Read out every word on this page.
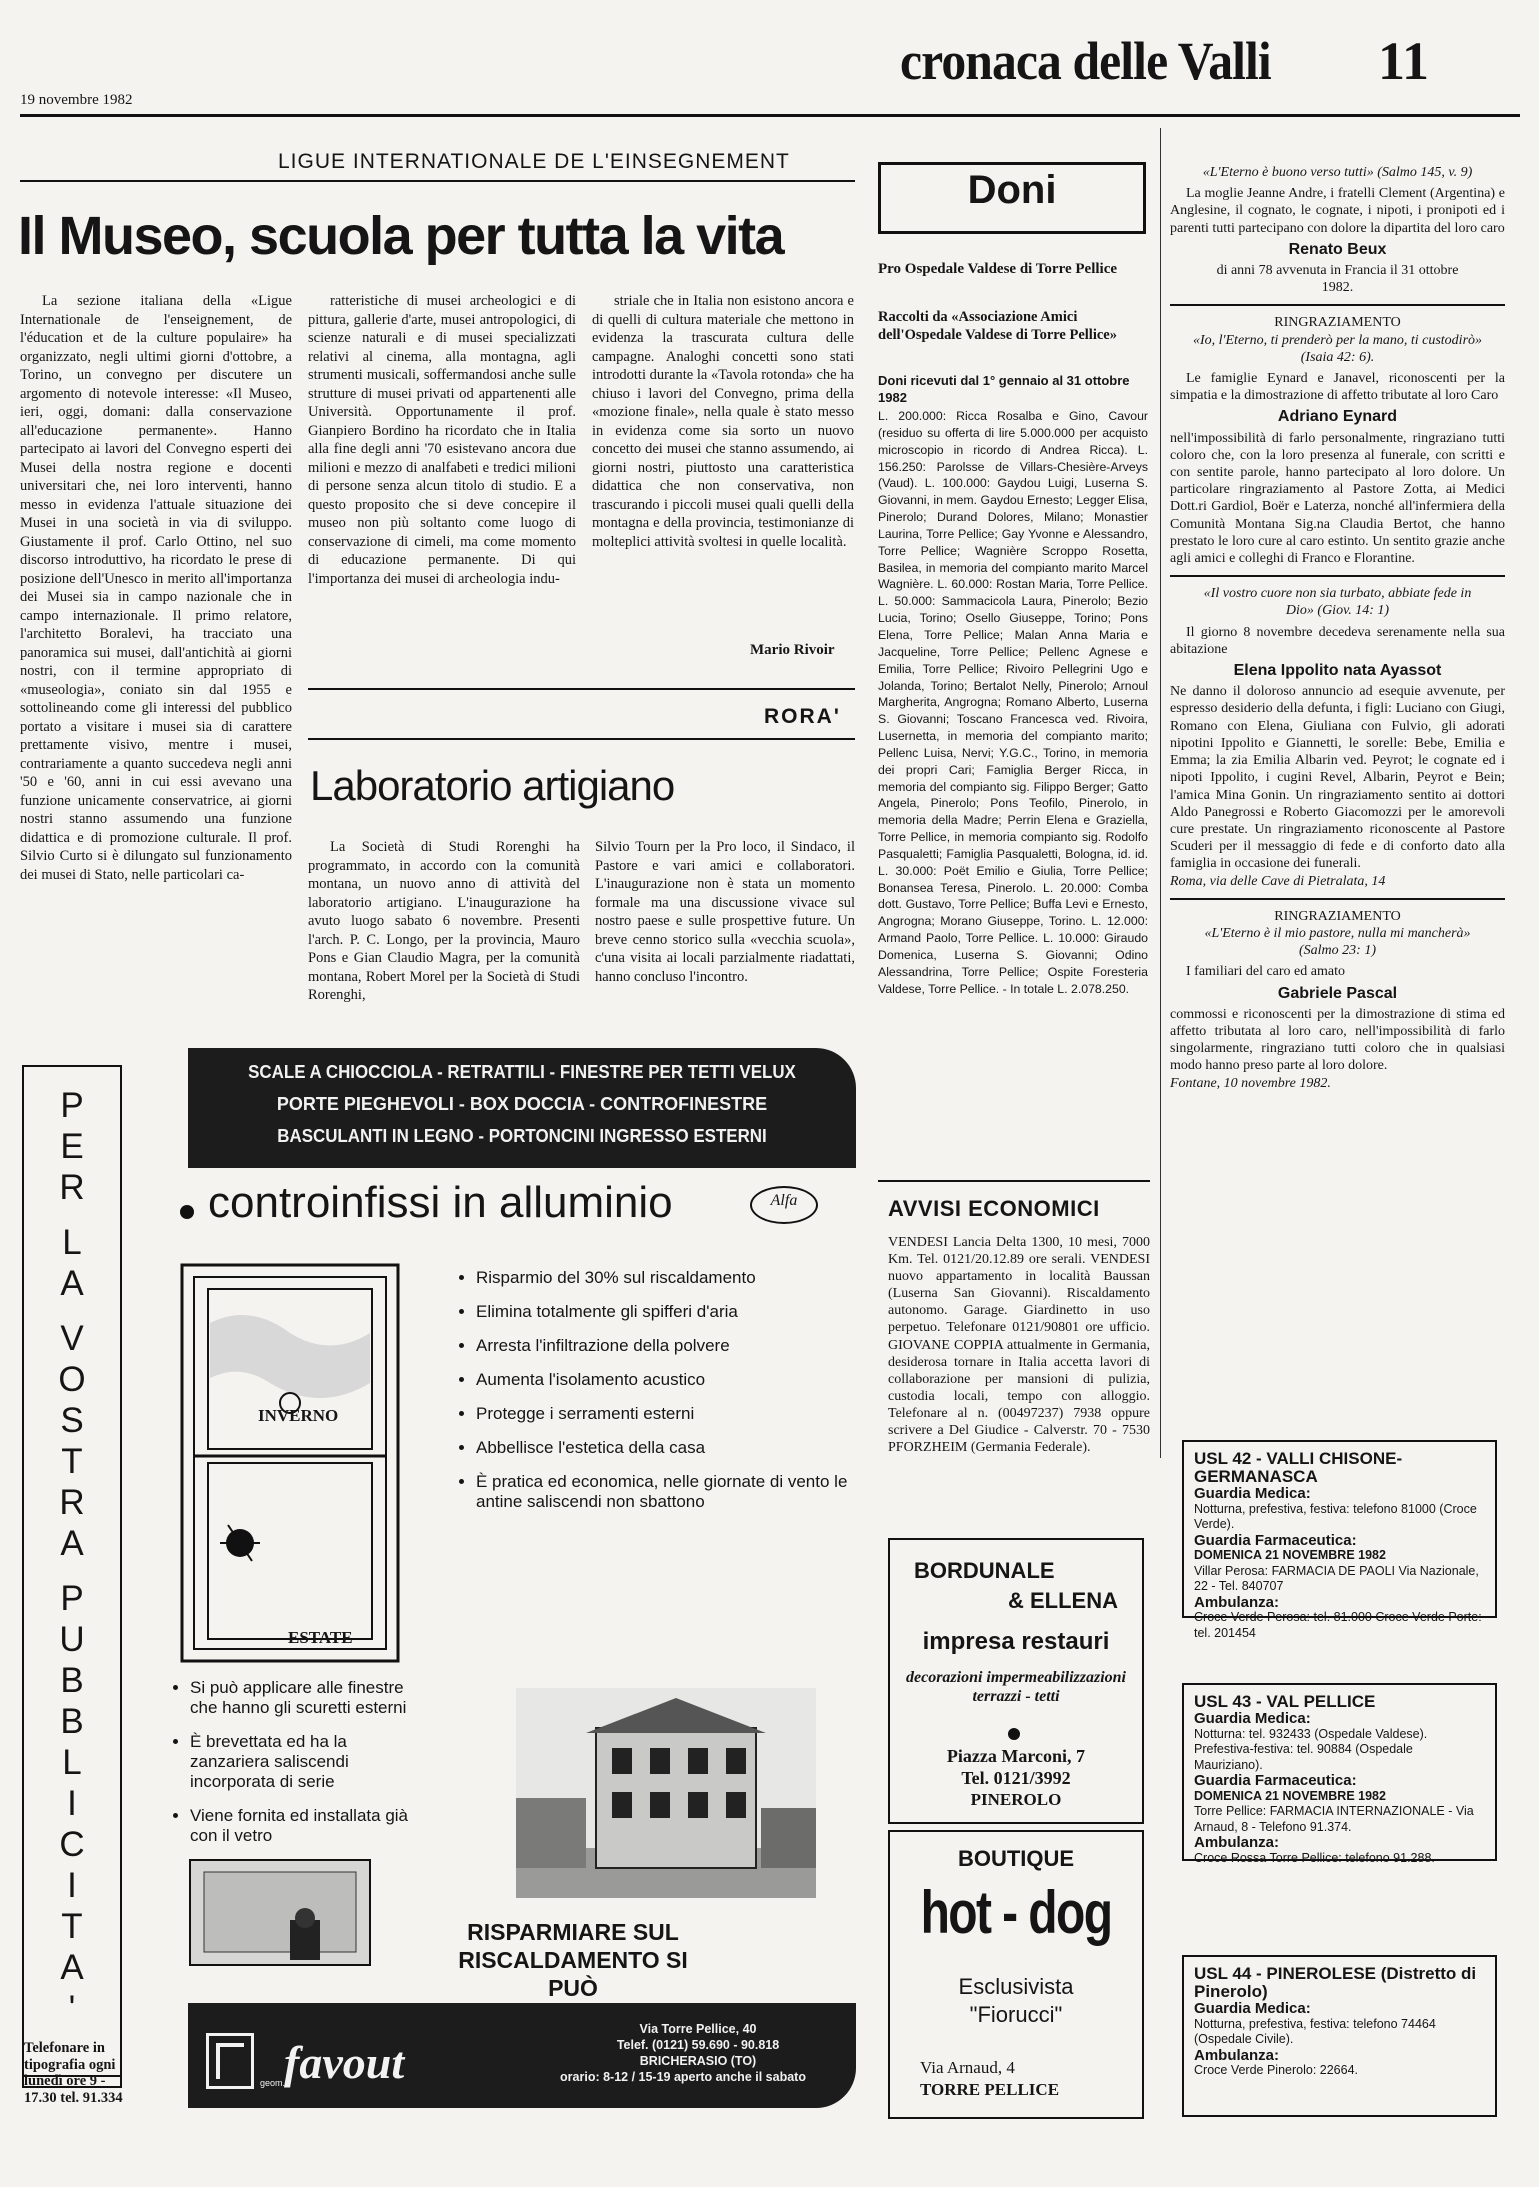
19 novembre 1982
cronaca delle Valli 11
LIGUE INTERNATIONALE DE L'EINSEGNEMENT
Il Museo, scuola per tutta la vita

La sezione italiana della «Ligue Internationale de l'enseignement, de l'éducation et de la culture populaire» ha organizzato, negli ultimi giorni d'ottobre, a Torino, un convegno per discutere un argomento di notevole interesse: «Il Museo, ieri, oggi, domani: dalla conservazione all'educazione permanente». Hanno partecipato ai lavori del Convegno esperti dei Musei della nostra regione e docenti universitari che, nei loro interventi, hanno messo in evidenza l'attuale situazione dei Musei in una società in via di sviluppo. Giustamente il prof. Carlo Ottino, nel suo discorso introduttivo, ha ricordato le prese di posizione dell'Unesco in merito all'importanza dei Musei sia in campo nazionale che in campo internazionale. Il primo relatore, l'architetto Boralevi, ha tracciato una panoramica sui musei, dall'antichità ai giorni nostri, con il termine appropriato di «museologia», coniato sin dal 1955 e sottolineando come gli interessi del pubblico portato a visitare i musei sia di carattere prettamente visivo, mentre i musei, contrariamente a quanto succedeva negli anni '50 e '60, anni in cui essi avevano una funzione unicamente conservatrice, ai giorni nostri stanno assumendo una funzione didattica e di promozione culturale. Il prof. Silvio Curto si è dilungato sul funzionamento dei musei di Stato, nelle particolari ca-

ratteristiche di musei archeologici e di pittura, gallerie d'arte, musei antropologici, di scienze naturali e di musei specializzati relativi al cinema, alla montagna, agli strumenti musicali, soffermandosi anche sulle strutture di musei privati od appartenenti alle Università. Opportunamente il prof. Gianpiero Bordino ha ricordato che in Italia alla fine degli anni '70 esistevano ancora due milioni e mezzo di analfabeti e tredici milioni di persone senza alcun titolo di studio. E a questo proposito che si deve concepire il museo non più soltanto come luogo di conservazione di cimeli, ma come momento di educazione permanente. Di qui l'importanza dei musei di archeologia indu-

striale che in Italia non esistono ancora e di quelli di cultura materiale che mettono in evidenza la trascurata cultura delle campagne. Analoghi concetti sono stati introdotti durante la «Tavola rotonda» che ha chiuso i lavori del Convegno, prima della «mozione finale», nella quale è stato messo in evidenza come sia sorto un nuovo concetto dei musei che stanno assumendo, ai giorni nostri, piuttosto una caratteristica didattica che non conservativa, non trascurando i piccoli musei quali quelli della montagna e della provincia, testimonianze di molteplici attività svoltesi in quelle località.

Mario Rivoir
RORA'
Laboratorio artigiano

La Società di Studi Rorenghi ha programmato, in accordo con la comunità montana, un nuovo anno di attività del laboratorio artigiano. L'inaugurazione ha avuto luogo sabato 6 novembre. Presenti l'arch. P. C. Longo, per la provincia, Mauro Pons e Gian Claudio Magra, per la comunità montana, Robert Morel per la Società di Studi Rorenghi,

Silvio Tourn per la Pro loco, il Sindaco, il Pastore e vari amici e collaboratori. L'inaugurazione non è stata un momento formale ma una discussione vivace sul nostro paese e sulle prospettive future. Un breve cenno storico sulla «vecchia scuola», c'una visita ai locali parzialmente riadattati, hanno concluso l'incontro.

Doni
Pro Ospedale Valdese di Torre Pellice
Raccolti da «Associazione Amici dell'Ospedale Valdese di Torre Pellice»
Doni ricevuti dal 1° gennaio al 31 ottobre 1982
L. 200.000: Ricca Rosalba e Gino, Cavour (residuo su offerta di lire 5.000.000 per acquisto microscopio in ricordo di Andrea Ricca). L. 156.250: Parolsse de Villars-Chesière-Arveys (Vaud). L. 100.000: Gaydou Luigi, Luserna S. Giovanni, in mem. Gaydou Ernesto; Legger Elisa, Pinerolo; Durand Dolores, Milano; Monastier Laurina, Torre Pellice; Gay Yvonne e Alessandro, Torre Pellice; Wagnière Scroppo Rosetta, Basilea, in memoria del compianto marito Marcel Wagnière. L. 60.000: Rostan Maria, Torre Pellice. L. 50.000: Sammacicola Laura, Pinerolo; Bezio Lucia, Torino; Osello Giuseppe, Torino; Pons Elena, Torre Pellice; Malan Anna Maria e Jacqueline, Torre Pellice; Pellenc Agnese e Emilia, Torre Pellice; Rivoiro Pellegrini Ugo e Jolanda, Torino; Bertalot Nelly, Pinerolo; Arnoul Margherita, Angrogna; Romano Alberto, Luserna S. Giovanni; Toscano Francesca ved. Rivoira, Lusernetta, in memoria del compianto marito; Pellenc Luisa, Nervi; Y.G.C., Torino, in memoria dei propri Cari; Famiglia Berger Ricca, in memoria del compianto sig. Filippo Berger; Gatto Angela, Pinerolo; Pons Teofilo, Pinerolo, in memoria della Madre; Perrin Elena e Graziella, Torre Pellice, in memoria compianto sig. Rodolfo Pasqualetti; Famiglia Pasqualetti, Bologna, id. id. L. 30.000: Poët Emilio e Giulia, Torre Pellice; Bonansea Teresa, Pinerolo. L. 20.000: Comba dott. Gustavo, Torre Pellice; Buffa Levi e Ernesto, Angrogna; Morano Giuseppe, Torino. L. 12.000: Armand Paolo, Torre Pellice. L. 10.000: Giraudo Domenica, Luserna S. Giovanni; Odino Alessandrina, Torre Pellice; Ospite Foresteria Valdese, Torre Pellice. - In totale L. 2.078.250.
AVVISI ECONOMICI
VENDESI Lancia Delta 1300, 10 mesi, 7000 Km. Tel. 0121/20.12.89 ore serali. VENDESI nuovo appartamento in località Baussan (Luserna San Giovanni). Riscaldamento autonomo. Garage. Giardinetto in uso perpetuo. Telefonare 0121/90801 ore ufficio. GIOVANE COPPIA attualmente in Germania, desiderosa tornare in Italia accetta lavori di collaborazione per mansioni di pulizia, custodia locali, tempo con alloggio. Telefonare al n. (00497237) 7938 oppure scrivere a Del Giudice - Calverstr. 70 - 7530 PFORZHEIM (Germania Federale).
BORDUNALE
& ELLENA
impresa restauri
decorazioni impermeabilizzazioni terrazzi - tetti
Piazza Marconi, 7
Tel. 0121/3992
PINEROLO
BOUTIQUE
hot - dog
Esclusivista
"Fiorucci"
Via Arnaud, 4
TORRE PELLICE
«L'Eterno è buono verso tutti» (Salmo 145, v. 9)
La moglie Jeanne Andre, i fratelli Clement (Argentina) e Anglesine, il cognato, le cognate, i nipoti, i pronipoti ed i parenti tutti partecipano con dolore la dipartita del loro caro
Renato Beux
di anni 78 avvenuta in Francia il 31 ottobre 1982.
RINGRAZIAMENTO
«Io, l'Eterno, ti prenderò per la mano, ti custodirò» (Isaia 42: 6).
Le famiglie Eynard e Janavel, riconoscenti per la simpatia e la dimostrazione di affetto tributate al loro Caro
Adriano Eynard
nell'impossibilità di farlo personalmente, ringraziano tutti coloro che, con la loro presenza al funerale, con scritti e con sentite parole, hanno partecipato al loro dolore. Un particolare ringraziamento al Pastore Zotta, ai Medici Dott.ri Gardiol, Boër e Laterza, nonché all'infermiera della Comunità Montana Sig.na Claudia Bertot, che hanno prestato le loro cure al caro estinto. Un sentito grazie anche agli amici e colleghi di Franco e Florantine.
«Il vostro cuore non sia turbato, abbiate fede in Dio» (Giov. 14: 1)
Il giorno 8 novembre decedeva serenamente nella sua abitazione
Elena Ippolito nata Ayassot
Ne danno il doloroso annuncio ad esequie avvenute, per espresso desiderio della defunta, i figli: Luciano con Giugi, Romano con Elena, Giuliana con Fulvio, gli adorati nipotini Ippolito e Giannetti, le sorelle: Bebe, Emilia e Emma; la zia Emilia Albarin ved. Peyrot; le cognate ed i nipoti Ippolito, i cugini Revel, Albarin, Peyrot e Bein; l'amica Mina Gonin. Un ringraziamento sentito ai dottori Aldo Panegrossi e Roberto Giacomozzi per le amorevoli cure prestate. Un ringraziamento riconoscente al Pastore Scuderi per il messaggio di fede e di conforto dato alla famiglia in occasione dei funerali.
Roma, via delle Cave di Pietralata, 14
RINGRAZIAMENTO
«L'Eterno è il mio pastore, nulla mi mancherà» (Salmo 23: 1)
I familiari del caro ed amato
Gabriele Pascal
commossi e riconoscenti per la dimostrazione di stima ed affetto tributata al loro caro, nell'impossibilità di farlo singolarmente, ringraziano tutti coloro che in qualsiasi modo hanno preso parte al loro dolore.
Fontane, 10 novembre 1982.
USL 42 - VALLI CHISONE-GERMANASCA
Guardia Medica:
Notturna, prefestiva, festiva: telefono 81000 (Croce Verde).
Guardia Farmaceutica:
DOMENICA 21 NOVEMBRE 1982
Villar Perosa: FARMACIA DE PAOLI Via Nazionale, 22 - Tel. 840707
Ambulanza:
Croce Verde Perosa: tel. 81.000 Croce Verde Porte: tel. 201454
USL 43 - VAL PELLICE
Guardia Medica:
Notturna: tel. 932433 (Ospedale Valdese). Prefestiva-festiva: tel. 90884 (Ospedale Mauriziano).
Guardia Farmaceutica:
DOMENICA 21 NOVEMBRE 1982
Torre Pellice: FARMACIA INTERNAZIONALE - Via Arnaud, 8 - Telefono 91.374.
Ambulanza:
Croce Rossa Torre Pellice: telefono 91.288.
USL 44 - PINEROLESE (Distretto di Pinerolo)
Guardia Medica:
Notturna, prefestiva, festiva: telefono 74464 (Ospedale Civile).
Ambulanza:
Croce Verde Pinerolo: 22664.
P
E
R
L
A
V
O
S
T
R
A
P
U
B
B
L
I
C
I
T
A
'
Telefonare in tipografia ogni lunedì ore 9 - 17.30 tel. 91.334
SCALE A CHIOCCIOLA - RETRATTILI - FINESTRE PER TETTI VELUX
PORTE PIEGHEVOLI - BOX DOCCIA - CONTROFINESTRE
BASCULANTI IN LEGNO - PORTONCINI INGRESSO ESTERNI
controinfissi in alluminio	Alfa
INVERNO
ESTATE
• Risparmio del 30% sul riscaldamento
• Elimina totalmente gli spifferi d'aria
• Arresta l'infiltrazione della polvere
• Aumenta l'isolamento acustico
• Protegge i serramenti esterni
• Abbellisce l'estetica della casa
• È pratica ed economica, nelle giornate di vento le antine saliscendi non sbattono
• Si può applicare alle finestre che hanno gli scuretti esterni
• È brevettata ed ha la zanzariera saliscendi incorporata di serie
• Viene fornita ed installata già con il vetro
RISPARMIARE SUL RISCALDAMENTO SI PUÒ
geom.
favout
Via Torre Pellice, 40
Telef. (0121) 59.690 - 90.818
BRICHERASIO (TO)
orario: 8-12 / 15-19 aperto anche il sabato
